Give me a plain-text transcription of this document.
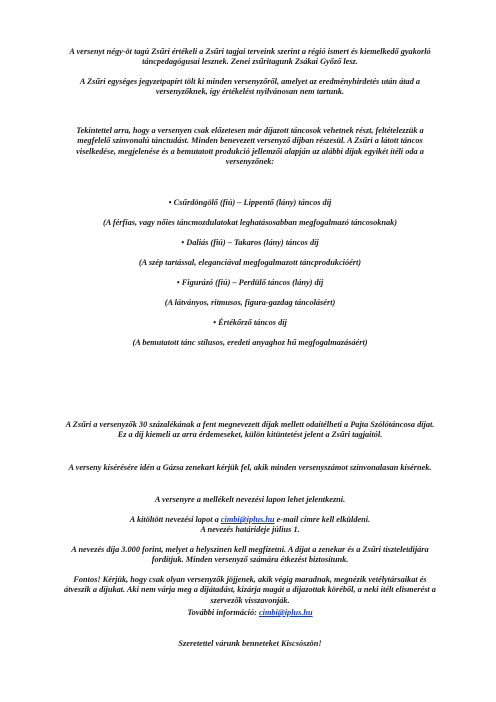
A versenyt négy-öt tagú Zsűri értékeli a Zsűri tagjai terveink szerint a régió ismert és kiemelkedő gyakorló táncpedagógusai lesznek. Zenei zsűritagunk Zsákai Győző lesz.

A Zsűri egységes jegyzetpapírt tölt ki minden versenyzőről, amelyet az eredményhirdetés után átad a versenyzőknek, így értékelést nyilvánosan nem tartunk.

Tekintettel arra, hogy a versenyen csak előzetesen már díjazott táncosok vehetnek részt, feltételezzük a megfelelő színvonalú tánctudást. Minden benevezett versenyző díjban részesül. A Zsűri a látott táncos viselkedése, megjelenése és a bemutatott produkció jellemzői alapján az alábbi díjak egyikét ítéli oda a versenyzőnek:

• Csűrdöngölő (fiú) – Lippentő (lány) táncos díj

(A férfias, vagy nőies táncmozdulatokat leghatásosabban megfogalmazó táncosoknak)

• Daliás (fiú) – Takaros (lány) táncos díj

(A szép tartással, eleganciával megfogalmazott táncprodukcióért)

• Figurázó (fiú) – Perdülő táncos (lány) díj

(A látványos, ritmusos, figura-gazdag táncolásért)

• Értékőrző táncos díj

(A bemutatott tánc stílusos, eredeti anyaghoz hű megfogalmazásáért)

A Zsűri a versenyzők 30 százalékának a fent megnevezett díjak mellett odaítélheti a Pajta Szólótáncosa díjat. Ez a díj kiemeli az arra érdemeseket, külön kitüntetést jelent a Zsűri tagjaitól.

A verseny kísérésére idén a Gázsa zenekart kérjük fel, akik minden versenyszámot színvonalasan kísérnek.

A versenyre a mellékelt nevezési lapon lehet jelentkezni.

A kitöltött nevezési lapot a cimbi@iplus.hu e-mail címre kell elküldeni.

A nevezés határideje július 1.

A nevezés díja 3.000 forint, melyet a helyszínen kell megfizetni. A díjat a zenekar és a Zsűri tiszteletdíjára fordítjuk. Minden versenyző számára étkezést biztosítunk.

Fontos! Kérjük, hogy csak olyan versenyzők jöjjenek, akik végig maradnak, megnézik vetélytársaikat és átveszik a díjukat. Aki nem várja meg a díjátadást, kizárja magát a díjazottak köréből, a neki ítélt elismerést a szervezők visszavonják.

További információ: cimbi@iplus.hu

Szeretettel várunk benneteket Kiscsószön!
